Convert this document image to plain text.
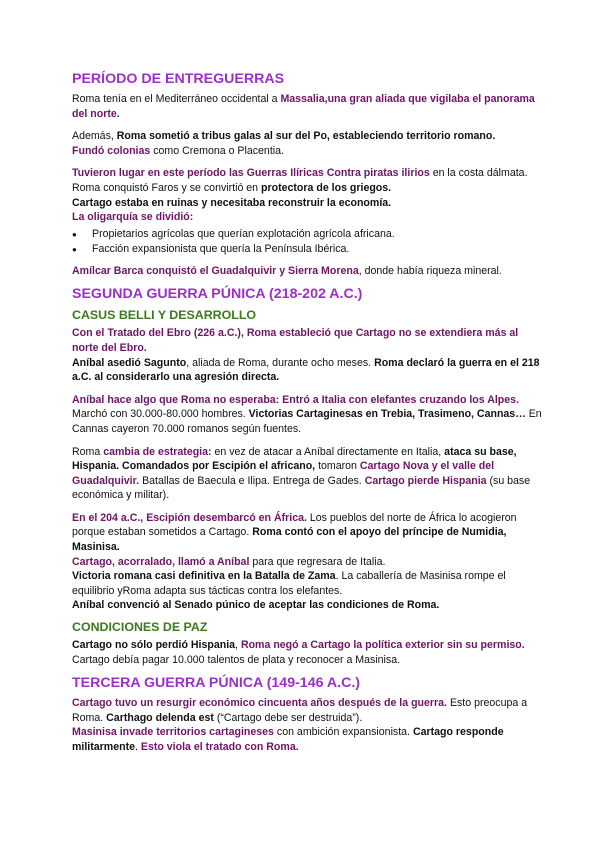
PERÍODO DE ENTREGUERRAS

Roma tenía en el Mediterráneo occidental a Massalia,una gran aliada que vigilaba el panorama del norte.

Además, Roma sometió a tribus galas al sur del Po, estableciendo territorio romano.
Fundó colonias como Cremona o Placentia.

Tuvieron lugar en este período las Guerras Ilíricas Contra piratas ilirios en la costa dálmata. Roma conquistó Faros y se convirtió en protectora de los griegos.
Cartago estaba en ruinas y necesitaba reconstruir la economía.
La oligarquía se dividió:

● Propietarios agrícolas que querían explotación agrícola africana.
● Facción expansionista que quería la Península Ibérica.

Amílcar Barca conquistó el Guadalquivir y Sierra Morena, donde había riqueza mineral.

SEGUNDA GUERRA PÚNICA (218-202 A.C.)
CASUS BELLI Y DESARROLLO

Con el Tratado del Ebro (226 a.C.), Roma estableció que Cartago no se extendiera más al norte del Ebro.
Aníbal asedió Sagunto, aliada de Roma, durante ocho meses. Roma declaró la guerra en el 218 a.C. al considerarlo una agresión directa.

Aníbal hace algo que Roma no esperaba: Entró a Italia con elefantes cruzando los Alpes. Marchó con 30.000-80.000 hombres. Victorias Cartaginesas en Trebia, Trasimeno, Cannas… En Cannas cayeron 70.000 romanos según fuentes.

Roma cambia de estrategia: en vez de atacar a Aníbal directamente en Italia, ataca su base, Hispania. Comandados por Escipión el africano, tomaron Cartago Nova y el valle del Guadalquivir. Batallas de Baecula e Ilipa. Entrega de Gades. Cartago pierde Hispania (su base económica y militar).

En el 204 a.C., Escipión desembarcó en África. Los pueblos del norte de África lo acogieron porque estaban sometidos a Cartago. Roma contó con el apoyo del príncipe de Numidia, Masinisa.
Cartago, acorralado, llamó a Aníbal para que regresara de Italia.
Victoria romana casi definitiva en la Batalla de Zama. La caballería de Masinisa rompe el equilibrio yRoma adapta sus tácticas contra los elefantes.
Aníbal convenció al Senado púnico de aceptar las condiciones de Roma.

CONDICIONES DE PAZ

Cartago no sólo perdió Hispania, Roma negó a Cartago la política exterior sin su permiso. Cartago debía pagar 10.000 talentos de plata y reconocer a Masinisa.

TERCERA GUERRA PÚNICA (149-146 A.C.)

Cartago tuvo un resurgir económico cincuenta años después de la guerra. Esto preocupa a Roma. Carthago delenda est (“Cartago debe ser destruida”).
Masinisa invade territorios cartagineses con ambición expansionista. Cartago responde militarmente. Esto viola el tratado con Roma.
